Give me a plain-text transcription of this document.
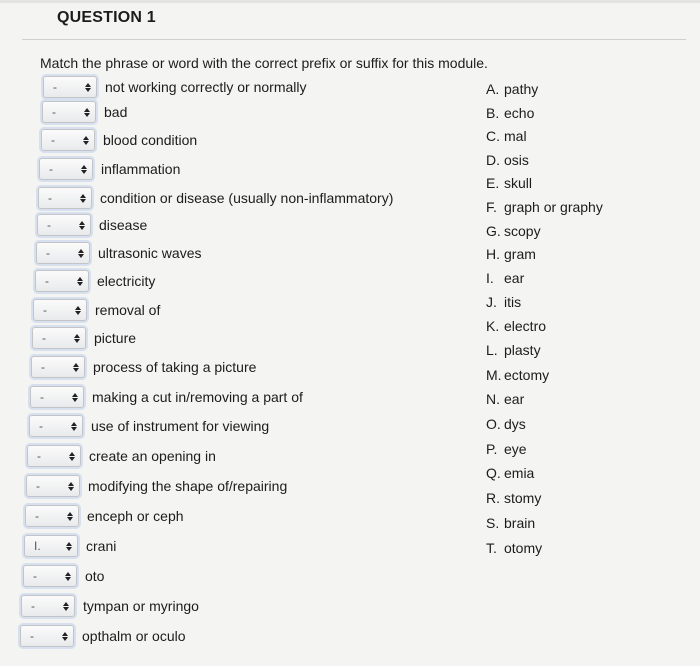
QUESTION 1
Match the phrase or word with the correct prefix or suffix for this module.
-	not working correctly or normally
-	bad
-	blood condition
-	inflammation
-	condition or disease (usually non-inflammatory)
-	disease
-	ultrasonic waves
-	electricity
-	removal of
-	picture
-	process of taking a picture
-	making a cut in/removing a part of
-	use of instrument for viewing
-	create an opening in
-	modifying the shape of/repairing
-	enceph or ceph
I.	crani
-	oto
-	tympan or myringo
-	opthalm or oculo
A. pathy
B. echo
C. mal
D. osis
E. skull
F. graph or graphy
G. scopy
H. gram
I. ear
J. itis
K. electro
L. plasty
M. ectomy
N. ear
O. dys
P. eye
Q. emia
R. stomy
S. brain
T. otomy
